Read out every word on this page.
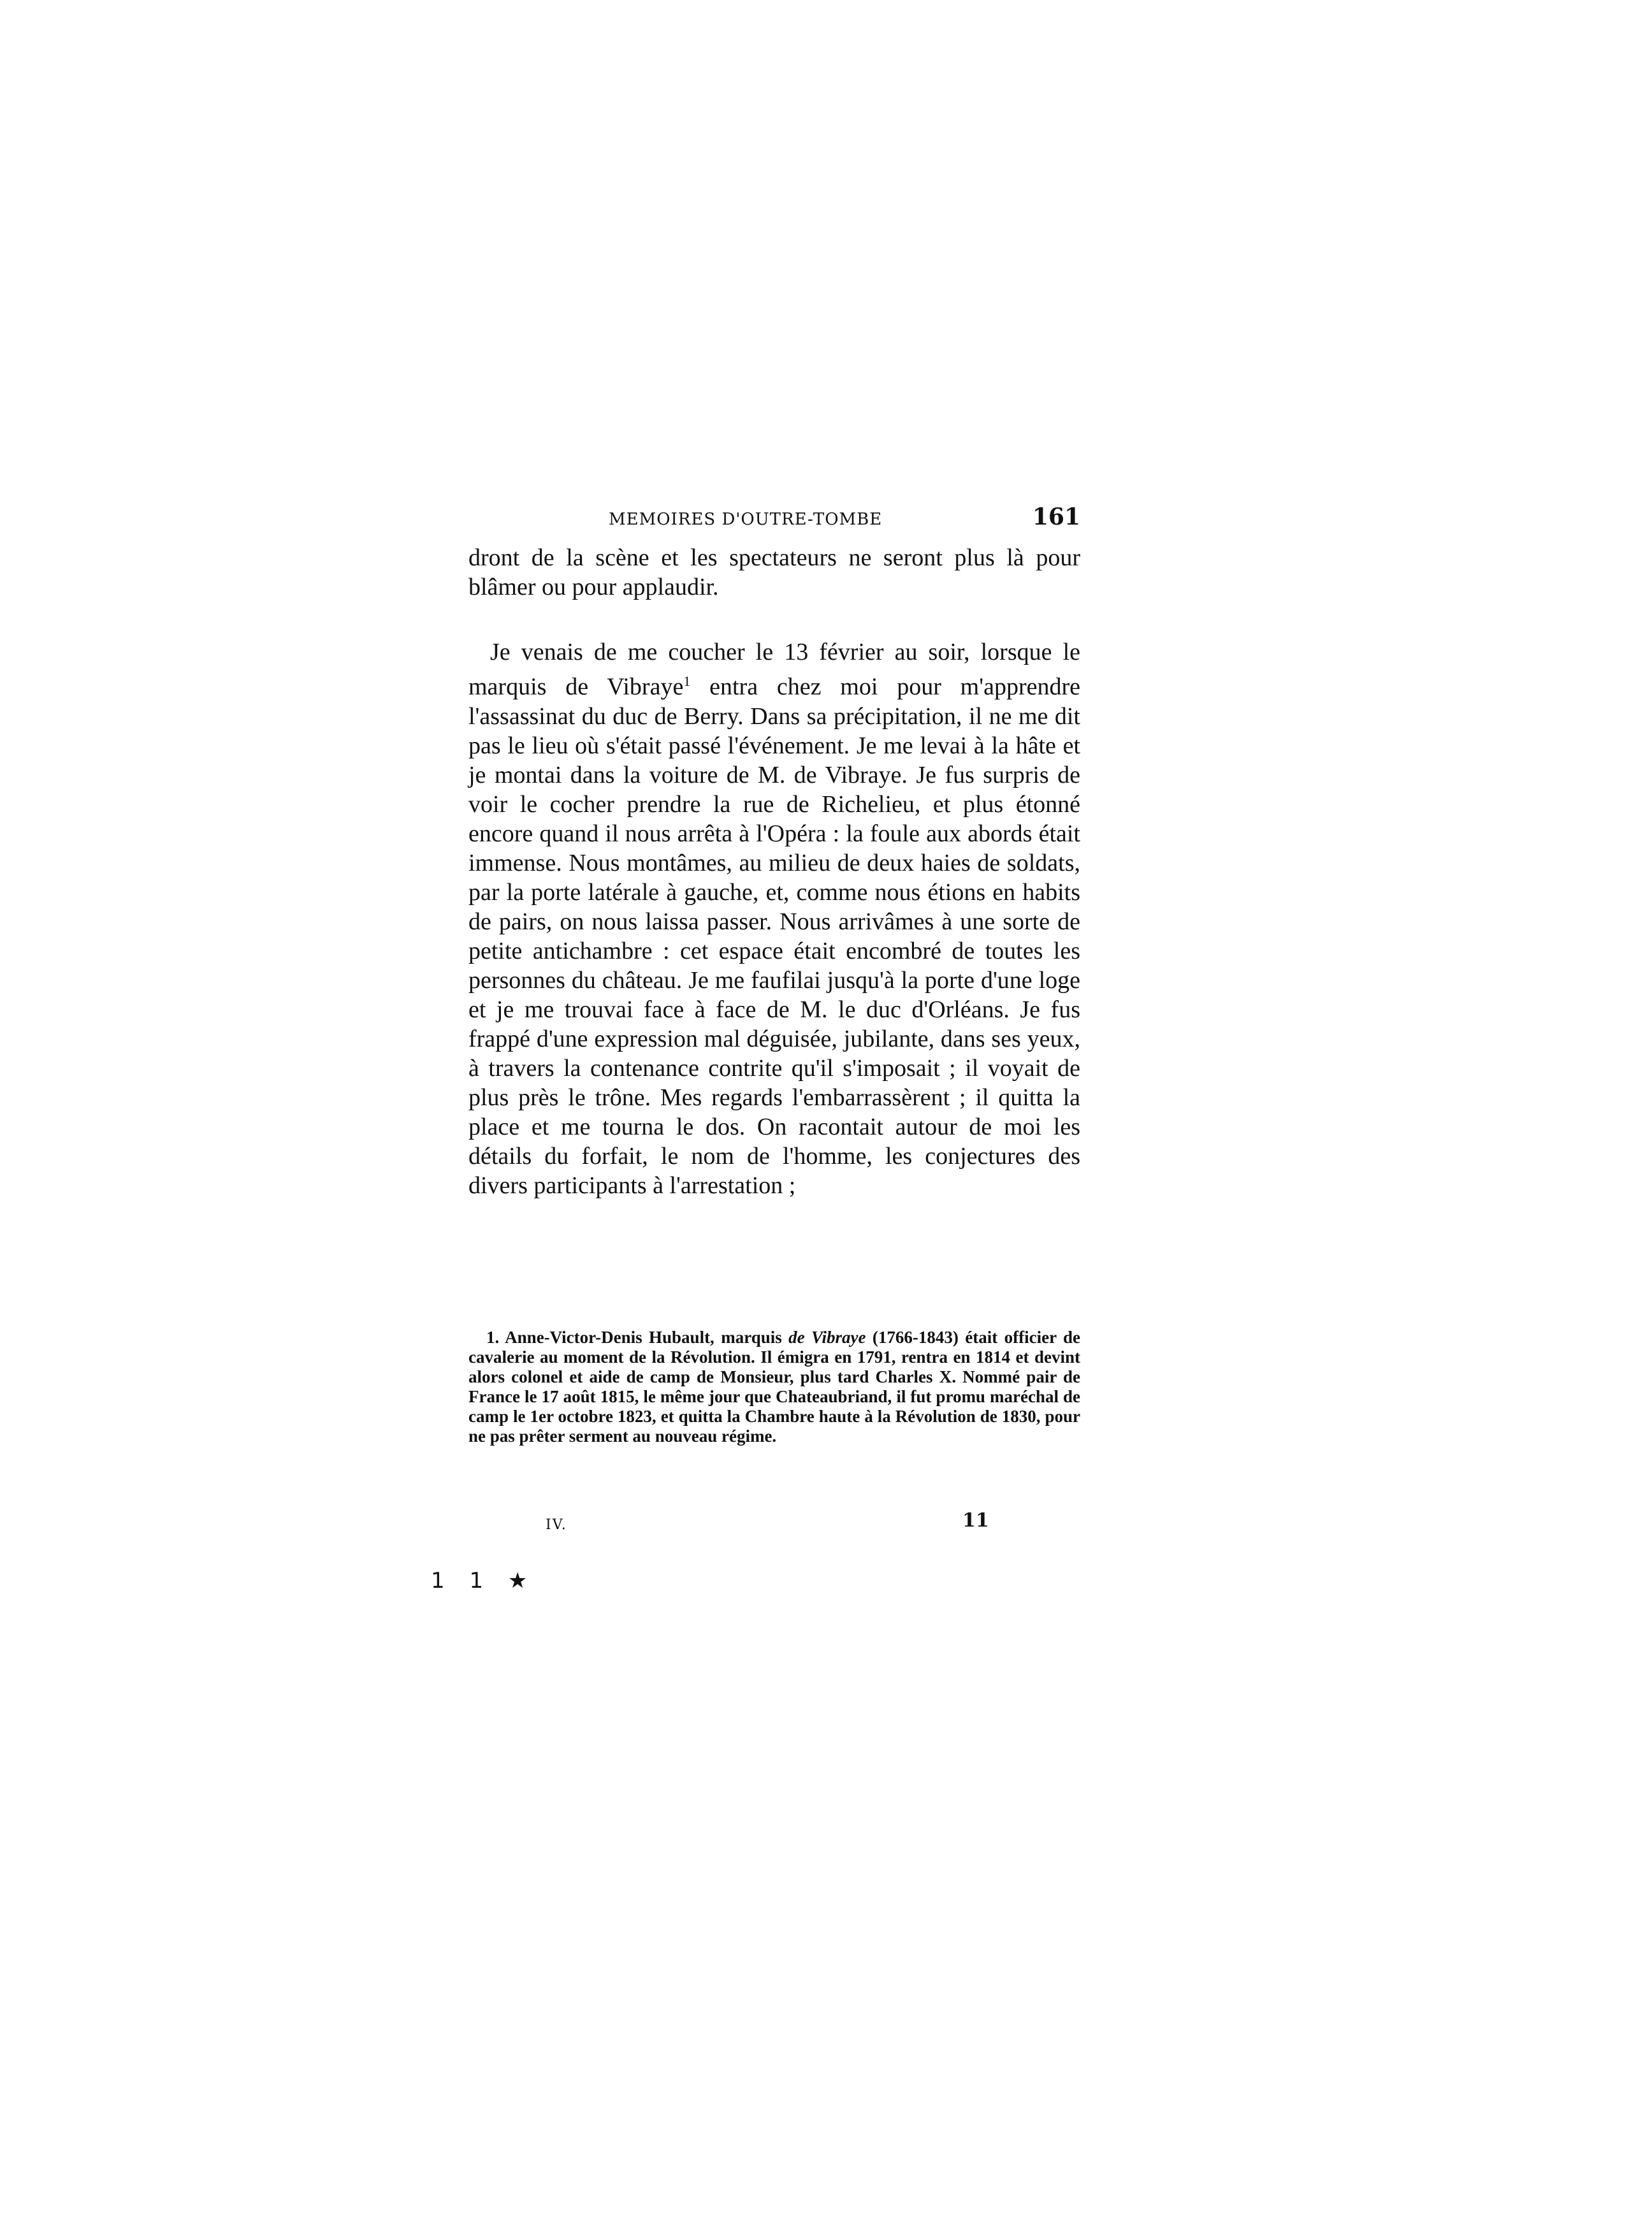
MEMOIRES D'OUTRE-TOMBE	161

dront de la scène et les spectateurs ne seront plus là pour blâmer ou pour applaudir.

Je venais de me coucher le 13 février au soir, lorsque le marquis de Vibraye$^1$ entra chez moi pour m'apprendre l'assassinat du duc de Berry. Dans sa précipitation, il ne me dit pas le lieu où s'était passé l'événement. Je me levai à la hâte et je montai dans la voiture de M. de Vibraye. Je fus surpris de voir le cocher prendre la rue de Richelieu, et plus étonné encore quand il nous arrêta à l'Opéra : la foule aux abords était immense. Nous montâmes, au milieu de deux haies de soldats, par la porte latérale à gauche, et, comme nous étions en habits de pairs, on nous laissa passer. Nous arrivâmes à une sorte de petite antichambre : cet espace était encombré de toutes les personnes du château. Je me faufilai jusqu'à la porte d'une loge et je me trouvai face à face de M. le duc d'Orléans. Je fus frappé d'une expression mal déguisée, jubilante, dans ses yeux, à travers la contenance contrite qu'il s'imposait ; il voyait de plus près le trône. Mes regards l'embarrassèrent ; il quitta la place et me tourna le dos. On racontait autour de moi les détails du forfait, le nom de l'homme, les conjectures des divers participants à l'arrestation ;

1. Anne-Victor-Denis Hubault, marquis de Vibraye (1766-1843) était officier de cavalerie au moment de la Révolution. Il émigra en 1791, rentra en 1814 et devint alors colonel et aide de camp de Monsieur, plus tard Charles X. Nommé pair de France le 17 août 1815, le même jour que Chateaubriand, il fut promu maréchal de camp le 1er octobre 1823, et quitta la Chambre haute à la Révolution de 1830, pour ne pas prêter serment au nouveau régime.

IV.	11
1 1 ★
